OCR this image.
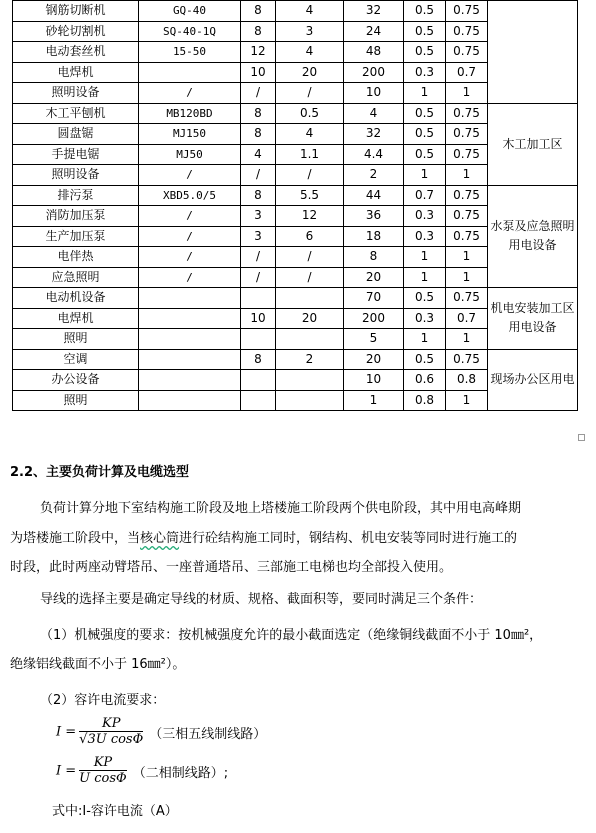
钢筋切断机	GQ-40	8	4	32	0.5	0.75	
砂轮切割机	SQ-40-1Q	8	3	24	0.5	0.75	
电动套丝机	15-50	12	4	48	0.5	0.75	
电焊机		10	20	200	0.3	0.7	
照明设备	/	/	/	10	1	1	
木工平刨机	MB120BD	8	0.5	4	0.5	0.75	木工加工区
圆盘锯	MJ150	8	4	32	0.5	0.75	
手提电锯	MJ50	4	1.1	4.4	0.5	0.75	
照明设备	/	/	/	2	1	1	
排污泵	XBD5.0/5	8	5.5	44	0.7	0.75	水泵及应急照明用电设备
消防加压泵	/	3	12	36	0.3	0.75	
生产加压泵	/	3	6	18	0.3	0.75	
电伴热	/	/	/	8	1	1	
应急照明	/	/	/	20	1	1	
电动机设备				70	0.5	0.75	机电安装加工区用电设备
电焊机		10	20	200	0.3	0.7	
照明				5	1	1	
空调		8	2	20	0.5	0.75	现场办公区用电
办公设备				10	0.6	0.8	
照明				1	0.8	1	
2.2、主要负荷计算及电缆选型
负荷计算分地下室结构施工阶段及地上塔楼施工阶段两个供电阶段，其中用电高峰期
为塔楼施工阶段中，当核心筒进行砼结构施工同时，钢结构、机电安装等同时进行施工的
时段，此时两座动臂塔吊、一座普通塔吊、三部施工电梯也均全部投入使用。
导线的选择主要是确定导线的材质、规格、截面积等，要同时满足三个条件：
（1）机械强度的要求：按机械强度允许的最小截面选定（绝缘铜线截面不小于 10㎜²，
绝缘铝线截面不小于 16㎜²）。
（2）容许电流要求：
$I = \frac{KP}{\text{√3U cosΦ}}$ （三相五线制线路）
$I = \frac{KP}{\text{U cosΦ}}$ （二相制线路）;
式中:I-容许电流（A）
